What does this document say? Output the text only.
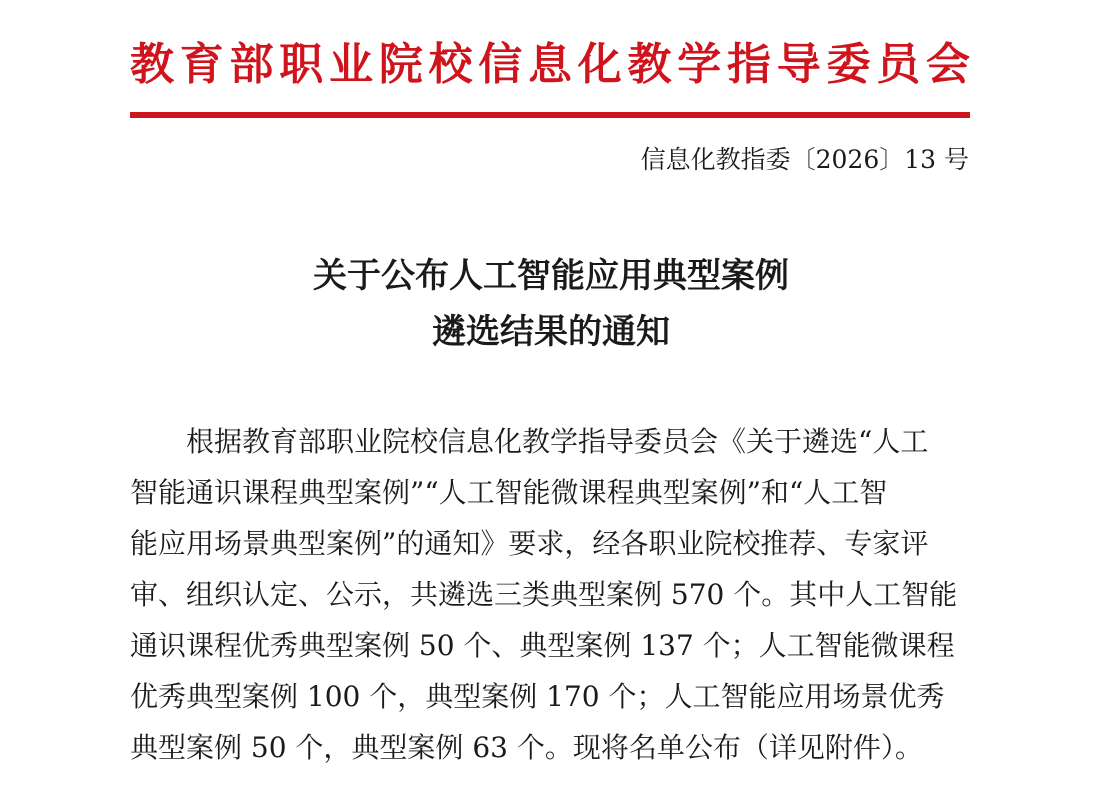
教 育 部 职 业 院 校 信 息 化 教 学 指 导 委 员 会
信息化教指委〔2026〕13 号
关于公布人工智能应用典型案例
遴选结果的通知
根据教育部职业院校信息化教学指导委员会《关于遴选“人工
智能通识课程典型案例”“人工智能微课程典型案例”和“人工智
能应用场景典型案例”的通知》要求，经各职业院校推荐、专家评
审、组织认定、公示，共遴选三类典型案例 570 个。其中人工智能
通识课程优秀典型案例 50 个、典型案例 137 个；人工智能微课程
优秀典型案例 100 个，典型案例 170 个；人工智能应用场景优秀
典型案例 50 个，典型案例 63 个。现将名单公布（详见附件）。
